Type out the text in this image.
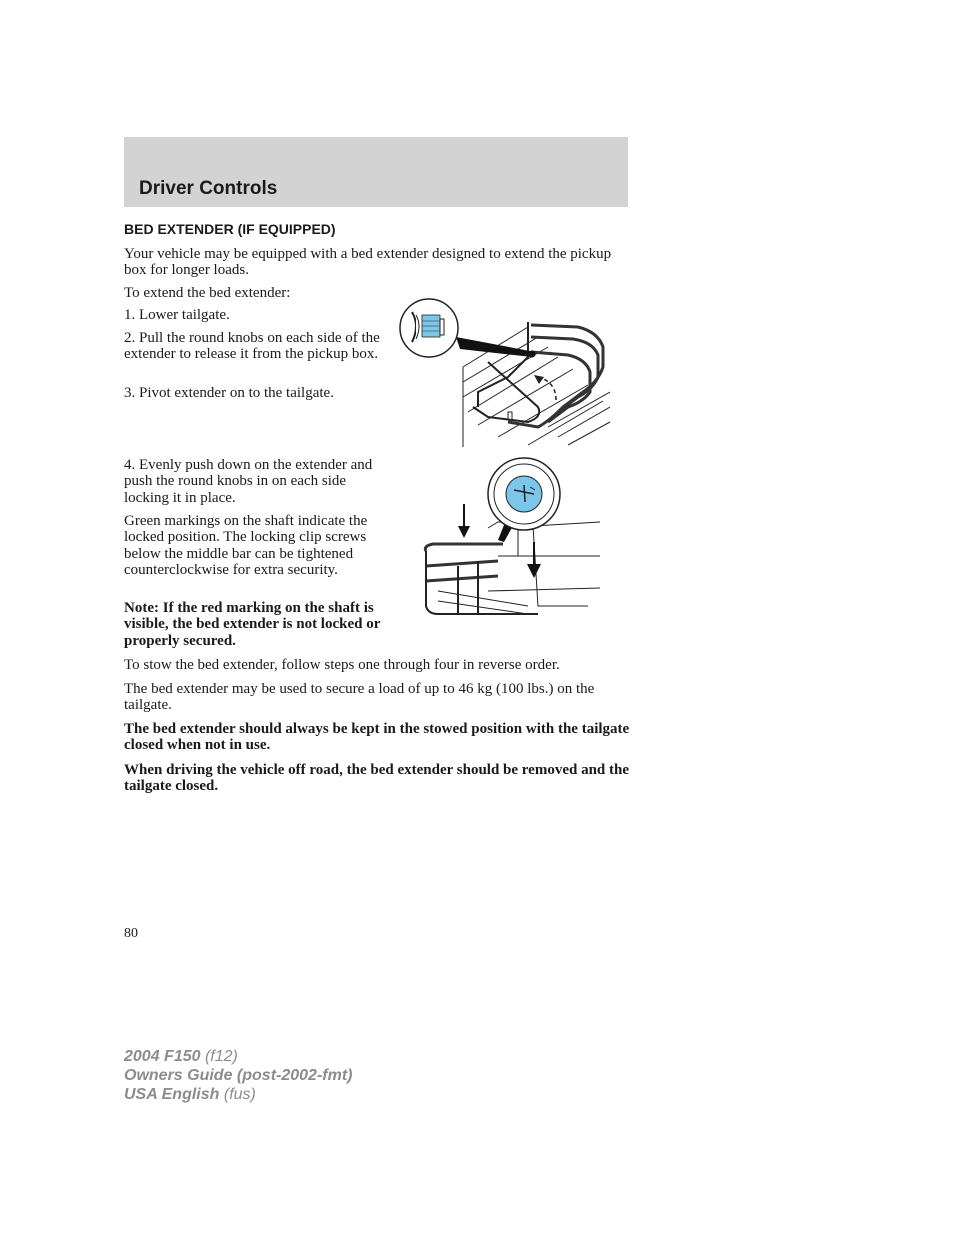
Driver Controls
BED EXTENDER (IF EQUIPPED)

Your vehicle may be equipped with a bed extender designed to extend the pickup box for longer loads.

To extend the bed extender:

1. Lower tailgate.

2. Pull the round knobs on each side of the extender to release it from the pickup box.

3. Pivot extender on to the tailgate.

4. Evenly push down on the extender and push the round knobs in on each side locking it in place.

Green markings on the shaft indicate the locked position. The locking clip screws below the middle bar can be tightened counterclockwise for extra security.

Note: If the red marking on the shaft is visible, the bed extender is not locked or properly secured.

To stow the bed extender, follow steps one through four in reverse order.

The bed extender may be used to secure a load of up to 46 kg (100 lbs.) on the tailgate.

The bed extender should always be kept in the stowed position with the tailgate closed when not in use.

When driving the vehicle off road, the bed extender should be removed and the tailgate closed.

80

2004 F150 (f12)
Owners Guide (post-2002-fmt)
USA English (fus)
